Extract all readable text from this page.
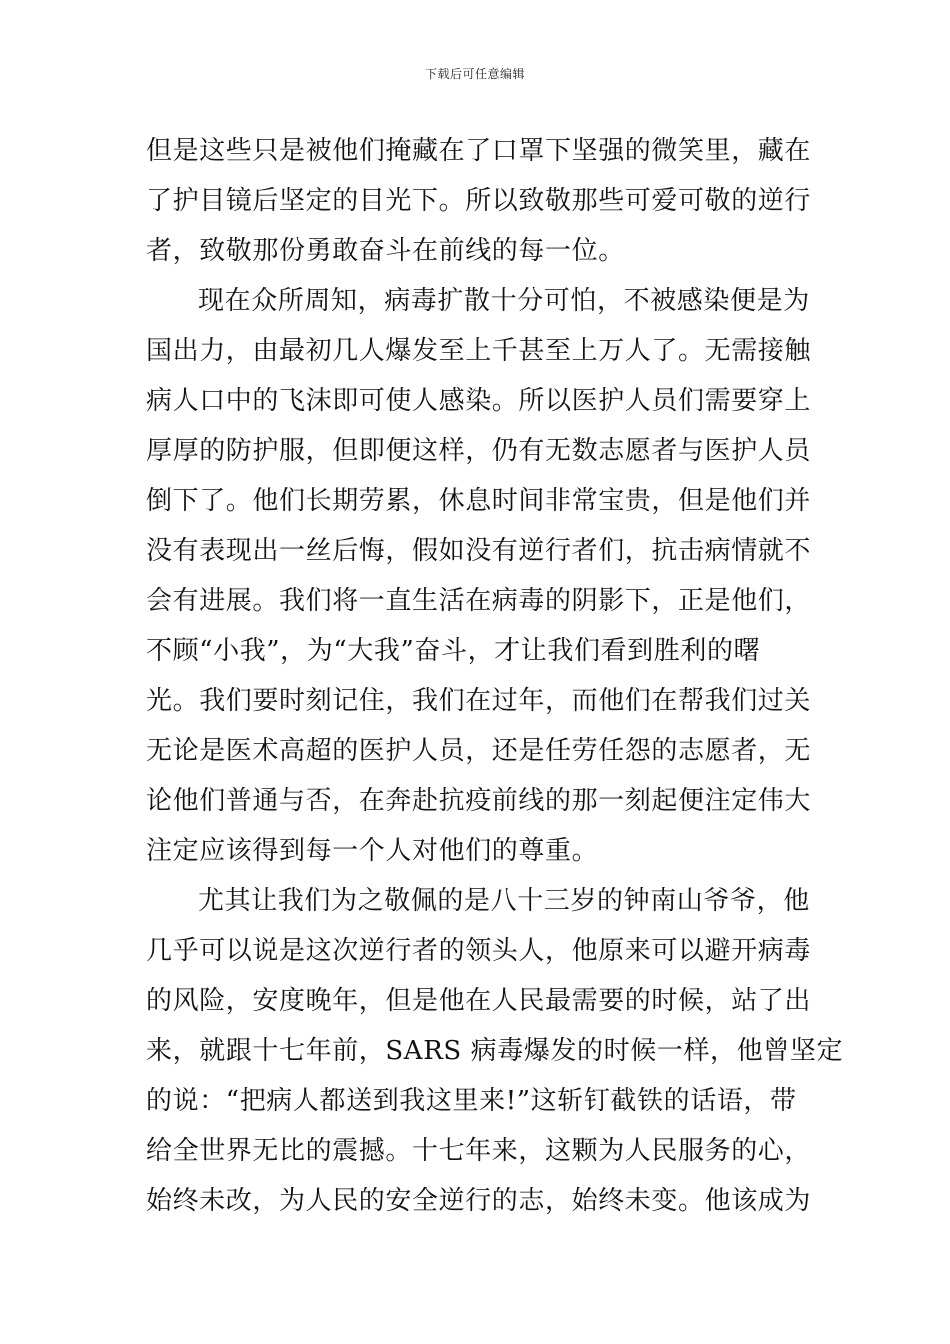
下载后可任意编辑
但是这些只是被他们掩藏在了口罩下坚强的微笑里，藏在
了护目镜后坚定的目光下。所以致敬那些可爱可敬的逆行
者，致敬那份勇敢奋斗在前线的每一位。
现在众所周知，病毒扩散十分可怕，不被感染便是为
国出力，由最初几人爆发至上千甚至上万人了。无需接触
病人口中的飞沫即可使人感染。所以医护人员们需要穿上
厚厚的防护服，但即便这样，仍有无数志愿者与医护人员
倒下了。他们长期劳累，休息时间非常宝贵，但是他们并
没有表现出一丝后悔，假如没有逆行者们，抗击病情就不
会有进展。我们将一直生活在病毒的阴影下，正是他们，
不顾“小我”，为“大我”奋斗，才让我们看到胜利的曙
光。我们要时刻记住，我们在过年，而他们在帮我们过关
无论是医术高超的医护人员，还是任劳任怨的志愿者，无
论他们普通与否，在奔赴抗疫前线的那一刻起便注定伟大
注定应该得到每一个人对他们的尊重。
尤其让我们为之敬佩的是八十三岁的钟南山爷爷，他
几乎可以说是这次逆行者的领头人，他原来可以避开病毒
的风险，安度晚年，但是他在人民最需要的时候，站了出
来，就跟十七年前，SARS 病毒爆发的时候一样，他曾坚定
的说：“把病人都送到我这里来!”这斩钉截铁的话语，带
给全世界无比的震撼。十七年来，这颗为人民服务的心，
始终未改，为人民的安全逆行的志，始终未变。他该成为
